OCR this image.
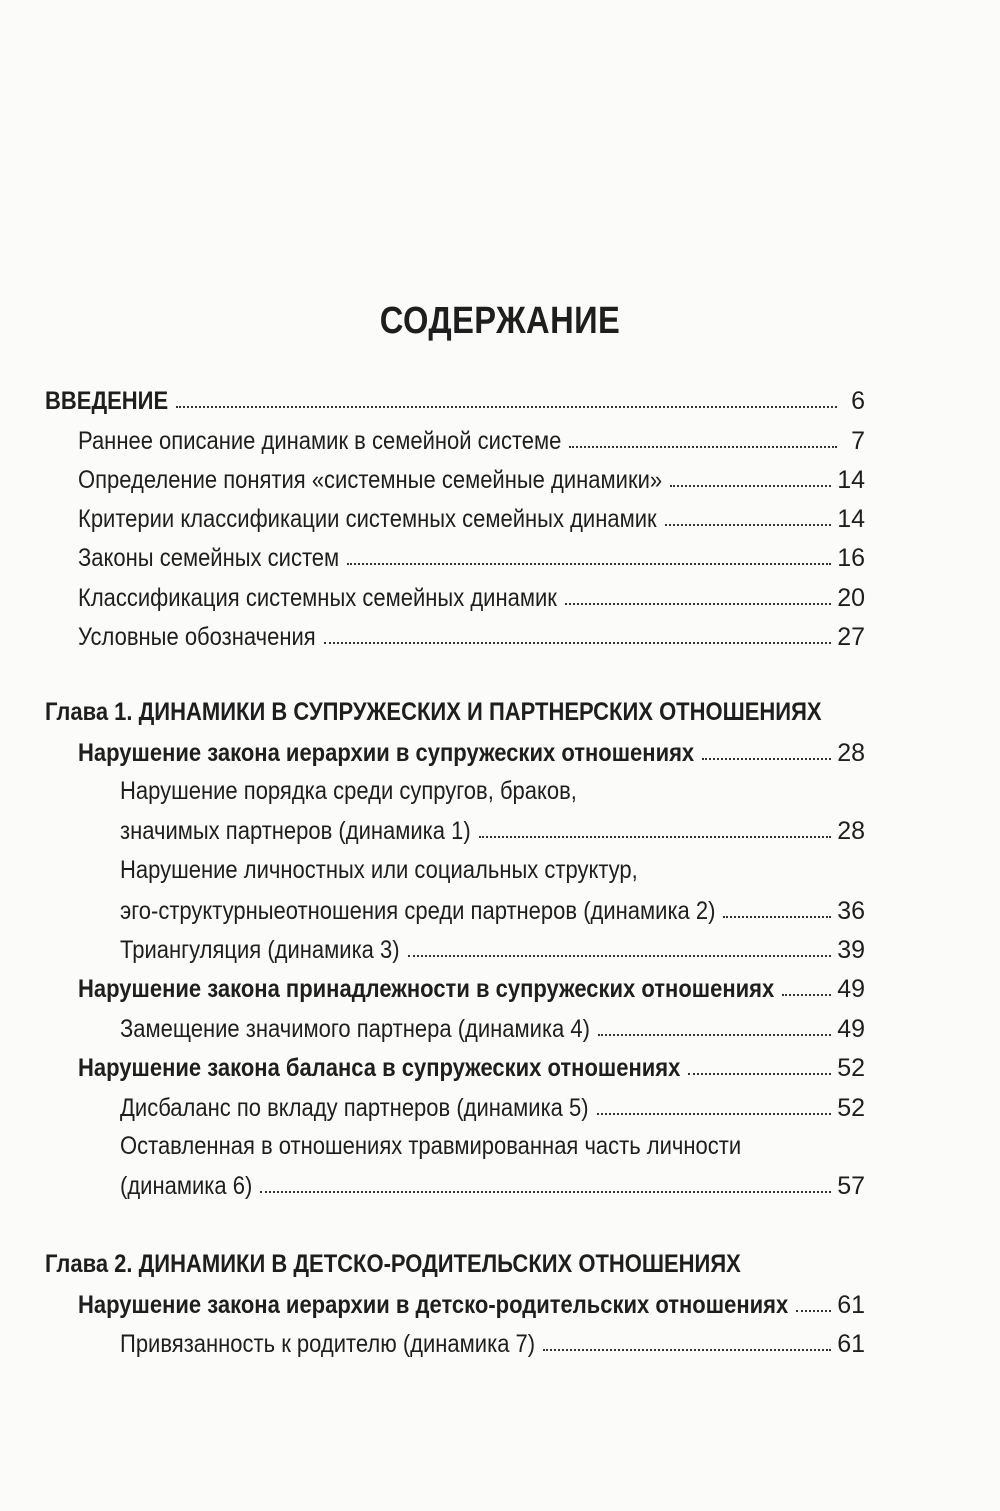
СОДЕРЖАНИЕ
ВВЕДЕНИЕ	6
Раннее описание динамик в семейной системе	7
Определение понятия «системные семейные динамики»	14
Критерии классификации системных семейных динамик	14
Законы семейных систем	16
Классификация системных семейных динамик	20
Условные обозначения	27
Глава 1. ДИНАМИКИ В СУПРУЖЕСКИХ И ПАРТНЕРСКИХ ОТНОШЕНИЯХ
Нарушение закона иерархии в супружеских отношениях	28
Нарушение порядка среди супругов, браков,
значимых партнеров (динамика 1)	28
Нарушение личностных или социальных структур,
эго-структурныеотношения среди партнеров (динамика 2)	36
Триангуляция (динамика 3)	39
Нарушение закона принадлежности в супружеских отношениях	49
Замещение значимого партнера (динамика 4)	49
Нарушение закона баланса в супружеских отношениях	52
Дисбаланс по вкладу партнеров (динамика 5)	52
Оставленная в отношениях травмированная часть личности
(динамика 6)	57
Глава 2. ДИНАМИКИ В ДЕТСКО-РОДИТЕЛЬСКИХ ОТНОШЕНИЯХ
Нарушение закона иерархии в детско-родительских отношениях 61
Привязанность к родителю (динамика 7)	61
